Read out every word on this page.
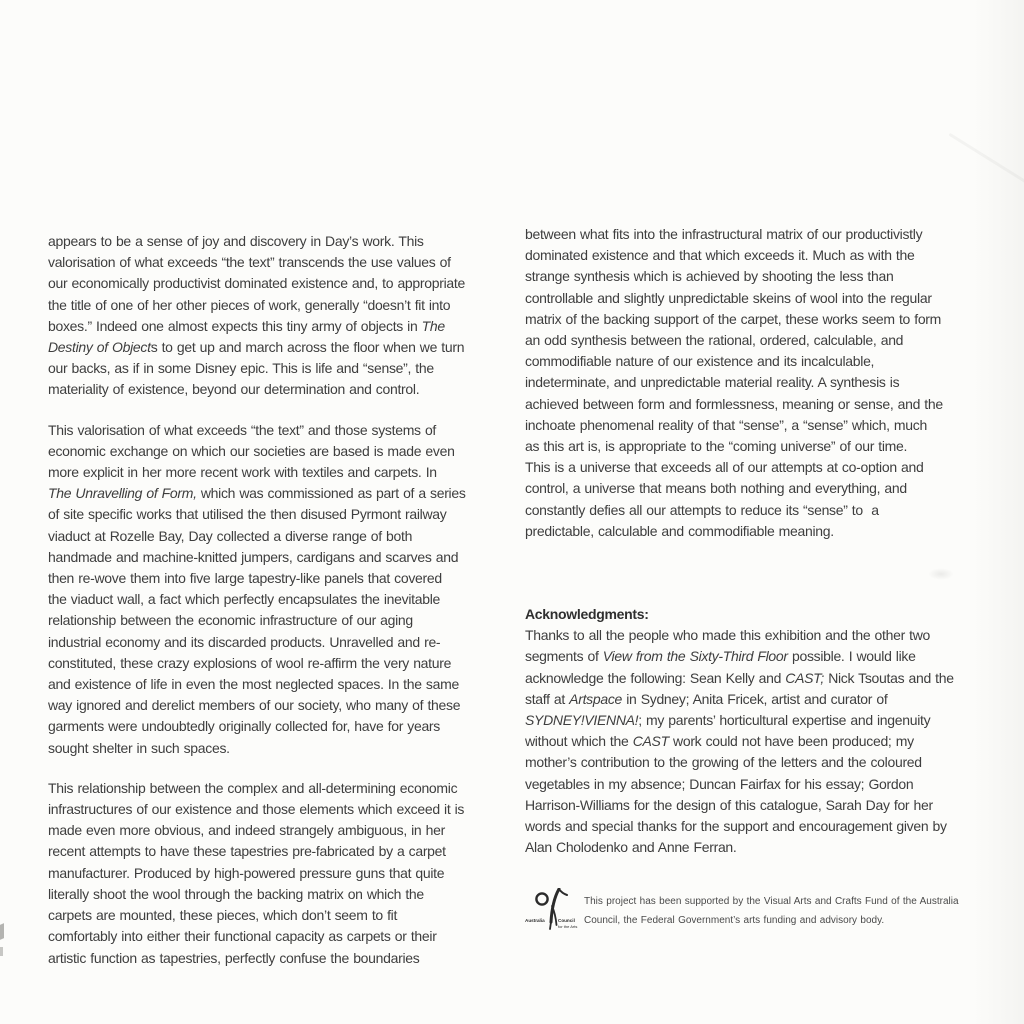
appears to be a sense of joy and discovery in Day’s work. This
valorisation of what exceeds “the text” transcends the use values of
our economically productivist dominated existence and, to appropriate
the title of one of her other pieces of work, generally “doesn’t fit into
boxes.” Indeed one almost expects this tiny army of objects in The
Destiny of Objects to get up and march across the floor when we turn
our backs, as if in some Disney epic. This is life and “sense”, the
materiality of existence, beyond our determination and control.
This valorisation of what exceeds “the text” and those systems of
economic exchange on which our societies are based is made even
more explicit in her more recent work with textiles and carpets. In
The Unravelling of Form, which was commissioned as part of a series
of site specific works that utilised the then disused Pyrmont railway
viaduct at Rozelle Bay, Day collected a diverse range of both
handmade and machine-knitted jumpers, cardigans and scarves and
then re-wove them into five large tapestry-like panels that covered
the viaduct wall, a fact which perfectly encapsulates the inevitable
relationship between the economic infrastructure of our aging
industrial economy and its discarded products. Unravelled and re-
constituted, these crazy explosions of wool re-affirm the very nature
and existence of life in even the most neglected spaces. In the same
way ignored and derelict members of our society, who many of these
garments were undoubtedly originally collected for, have for years
sought shelter in such spaces.
This relationship between the complex and all-determining economic
infrastructures of our existence and those elements which exceed it is
made even more obvious, and indeed strangely ambiguous, in her
recent attempts to have these tapestries pre-fabricated by a carpet
manufacturer. Produced by high-powered pressure guns that quite
literally shoot the wool through the backing matrix on which the
carpets are mounted, these pieces, which don’t seem to fit
comfortably into either their functional capacity as carpets or their
artistic function as tapestries, perfectly confuse the boundaries
between what fits into the infrastructural matrix of our productivistly
dominated existence and that which exceeds it. Much as with the
strange synthesis which is achieved by shooting the less than
controllable and slightly unpredictable skeins of wool into the regular
matrix of the backing support of the carpet, these works seem to form
an odd synthesis between the rational, ordered, calculable, and
commodifiable nature of our existence and its incalculable,
indeterminate, and unpredictable material reality. A synthesis is
achieved between form and formlessness, meaning or sense, and the
inchoate phenomenal reality of that “sense”, a “sense” which, much
as this art is, is appropriate to the “coming universe” of our time.
This is a universe that exceeds all of our attempts at co-option and
control, a universe that means both nothing and everything, and
constantly defies all our attempts to reduce its “sense” to  a
predictable, calculable and commodifiable meaning.
Acknowledgments:
Thanks to all the people who made this exhibition and the other two
segments of View from the Sixty-Third Floor possible. I would like
acknowledge the following: Sean Kelly and CAST; Nick Tsoutas and the
staff at Artspace in Sydney; Anita Fricek, artist and curator of
SYDNEY!VIENNA!; my parents’ horticultural expertise and ingenuity
without which the CAST work could not have been produced; my
mother’s contribution to the growing of the letters and the coloured
vegetables in my absence; Duncan Fairfax for his essay; Gordon
Harrison-Williams for the design of this catalogue, Sarah Day for her
words and special thanks for the support and encouragement given by
Alan Cholodenko and Anne Ferran.
Australia	Council
for the Arts
This project has been supported by the Visual Arts and Crafts Fund of the Australia
Council, the Federal Government’s arts funding and advisory body.
